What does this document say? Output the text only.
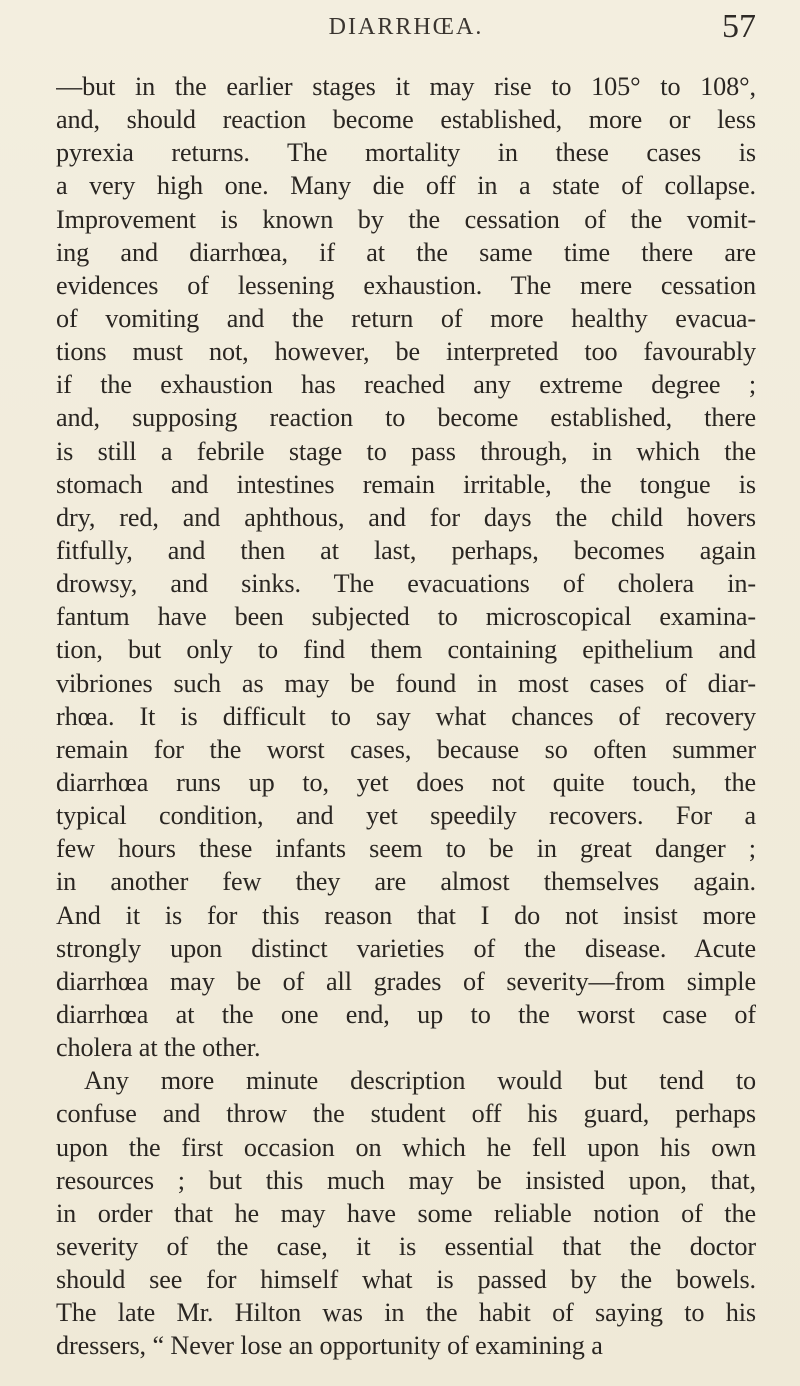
DIARRHŒA.	57
—but in the earlier stages it may rise to 105° to 108°,
and, should reaction become established, more or less
pyrexia returns. The mortality in these cases is
a very high one. Many die off in a state of collapse.
Improvement is known by the cessation of the vomit-
ing and diarrhœa, if at the same time there are
evidences of lessening exhaustion. The mere cessation
of vomiting and the return of more healthy evacua-
tions must not, however, be interpreted too favourably
if the exhaustion has reached any extreme degree ;
and, supposing reaction to become established, there
is still a febrile stage to pass through, in which the
stomach and intestines remain irritable, the tongue is
dry, red, and aphthous, and for days the child hovers
fitfully, and then at last, perhaps, becomes again
drowsy, and sinks. The evacuations of cholera in-
fantum have been subjected to microscopical examina-
tion, but only to find them containing epithelium and
vibriones such as may be found in most cases of diar-
rhœa. It is difficult to say what chances of recovery
remain for the worst cases, because so often summer
diarrhœa runs up to, yet does not quite touch, the
typical condition, and yet speedily recovers. For a
few hours these infants seem to be in great danger ;
in another few they are almost themselves again.
And it is for this reason that I do not insist more
strongly upon distinct varieties of the disease. Acute
diarrhœa may be of all grades of severity—from simple
diarrhœa at the one end, up to the worst case of
cholera at the other.
Any more minute description would but tend to
confuse and throw the student off his guard, perhaps
upon the first occasion on which he fell upon his own
resources ; but this much may be insisted upon, that,
in order that he may have some reliable notion of the
severity of the case, it is essential that the doctor
should see for himself what is passed by the bowels.
The late Mr. Hilton was in the habit of saying to his
dressers, “ Never lose an opportunity of examining a
